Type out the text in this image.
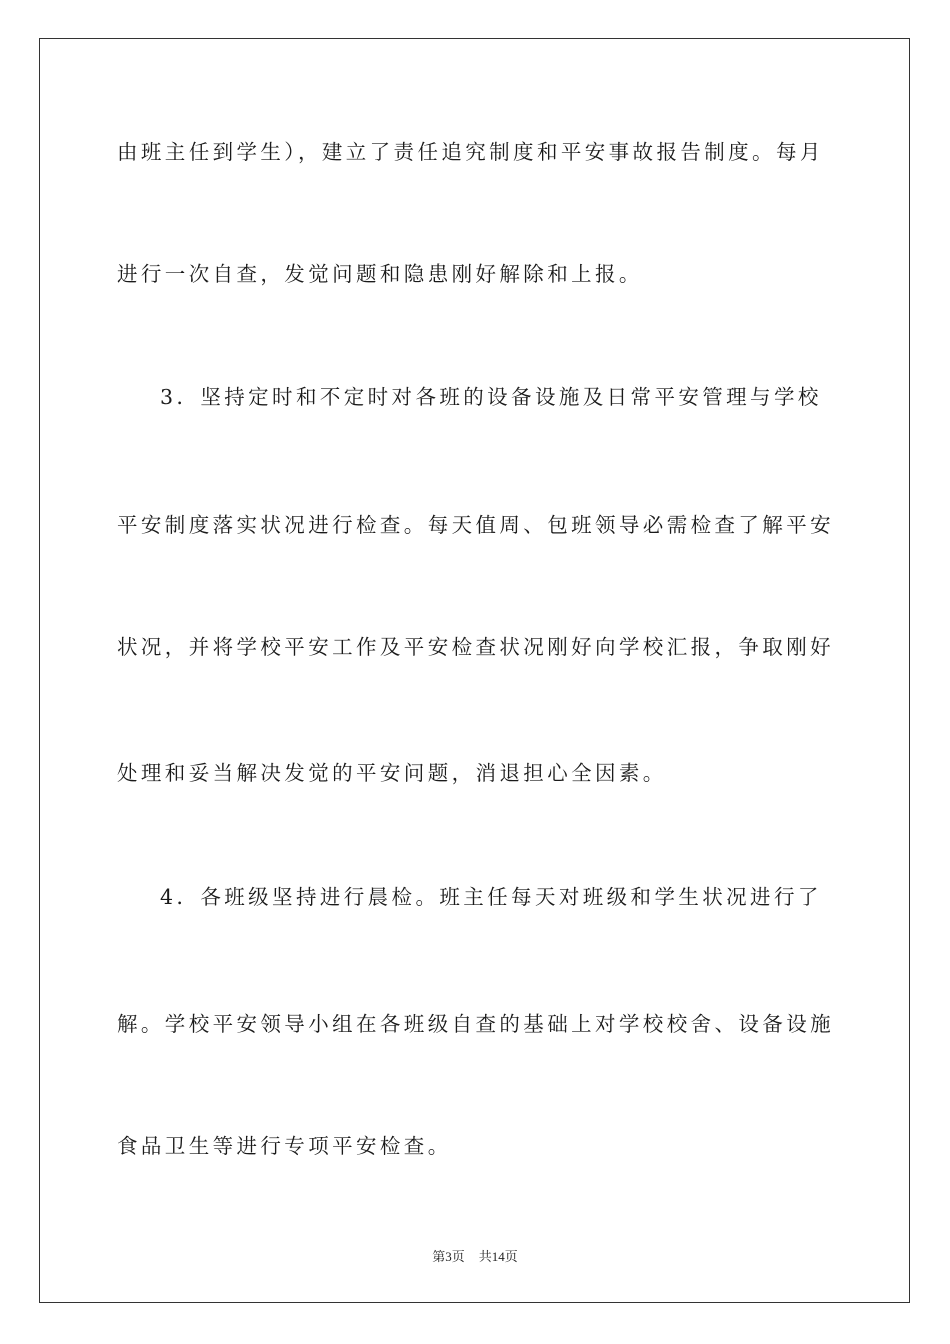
由班主任到学生），建立了责任追究制度和平安事故报告制度。每月
进行一次自查，发觉问题和隐患刚好解除和上报。
3．坚持定时和不定时对各班的设备设施及日常平安管理与学校
平安制度落实状况进行检查。每天值周、包班领导必需检查了解平安
状况，并将学校平安工作及平安检查状况刚好向学校汇报，争取刚好
处理和妥当解决发觉的平安问题，消退担心全因素。
4．各班级坚持进行晨检。班主任每天对班级和学生状况进行了
解。学校平安领导小组在各班级自查的基础上对学校校舍、设备设施
食品卫生等进行专项平安检查。
第3页 共14页
